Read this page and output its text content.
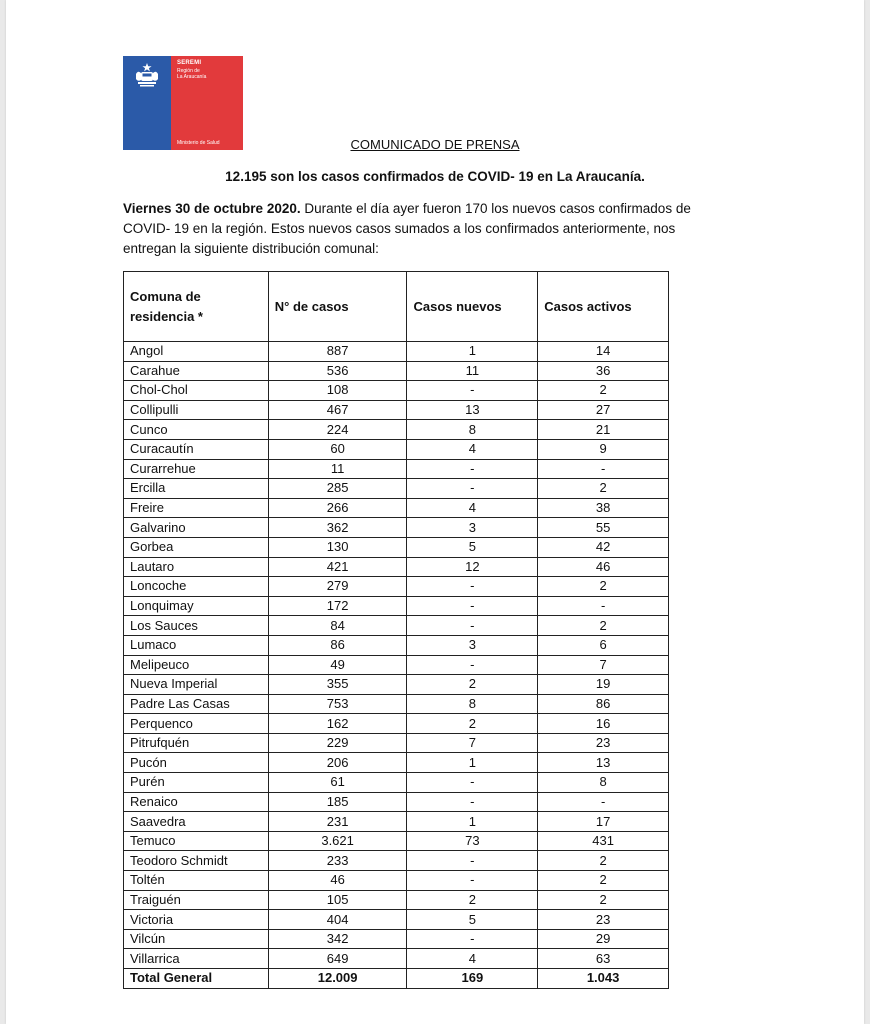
SEREMI
Región de
La Araucanía
Ministerio de Salud	COMUNICADO DE PRENSA
12.195 son los casos confirmados de COVID- 19 en La Araucanía.
Viernes 30 de octubre 2020. Durante el día ayer fueron 170 los nuevos casos confirmados de
COVID- 19 en la región. Estos nuevos casos sumados a los confirmados anteriormente, nos
entregan la siguiente distribución comunal:
Comuna de residencia *	N° de casos	Casos nuevos	Casos activos
Angol	887	1	14
Carahue	536	11	36
Chol-Chol	108	-	2
Collipulli	467	13	27
Cunco	224	8	21
Curacautín	60	4	9
Curarrehue	11	-	-
Ercilla	285	-	2
Freire	266	4	38
Galvarino	362	3	55
Gorbea	130	5	42
Lautaro	421	12	46
Loncoche	279	-	2
Lonquimay	172	-	-
Los Sauces	84	-	2
Lumaco	86	3	6
Melipeuco	49	-	7
Nueva Imperial	355	2	19
Padre Las Casas	753	8	86
Perquenco	162	2	16
Pitrufquén	229	7	23
Pucón	206	1	13
Purén	61	-	8
Renaico	185	-	-
Saavedra	231	1	17
Temuco	3.621	73	431
Teodoro Schmidt	233	-	2
Toltén	46	-	2
Traiguén	105	2	2
Victoria	404	5	23
Vilcún	342	-	29
Villarrica	649	4	63
Total General	12.009	169	1.043
